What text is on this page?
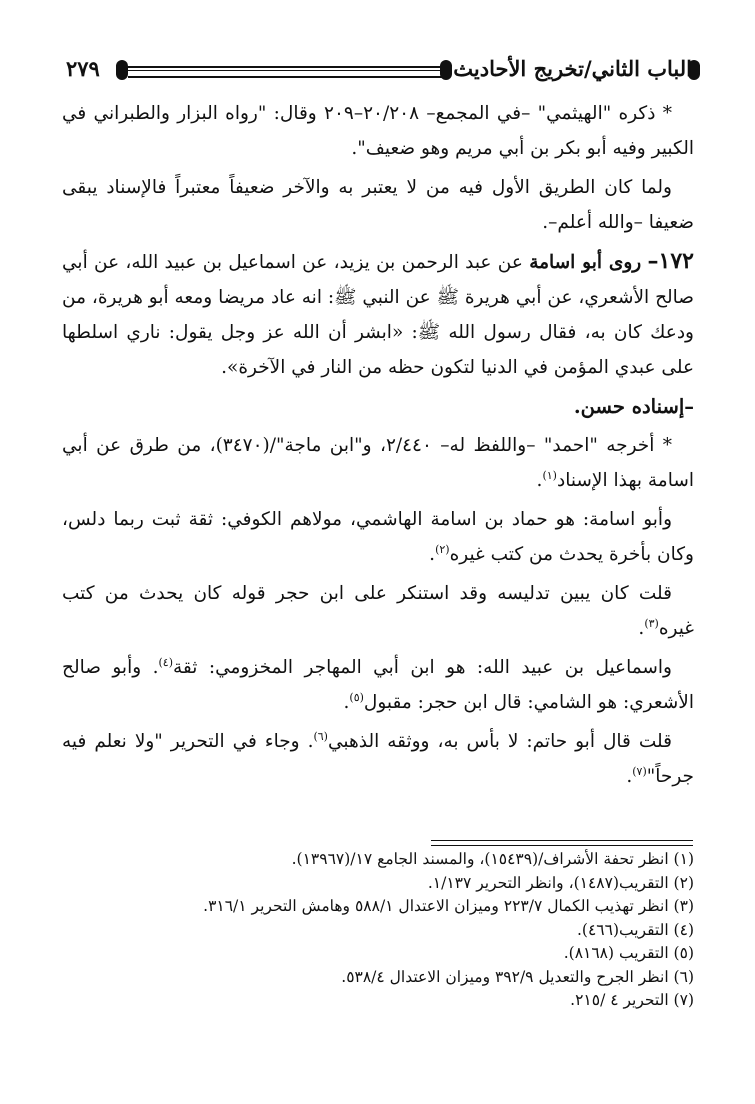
الباب الثاني/تخريج الأحاديث
٢٧٩

* ذكره "الهيثمي" –في المجمع– ٢٠/٢٠٨–٢٠٩ وقال: "رواه البزار والطبراني في الكبير وفيه أبو بكر بن أبي مريم وهو ضعيف".

ولما كان الطريق الأول فيه من لا يعتبر به والآخر ضعيفاً معتبراً فالإسناد يبقى ضعيفا –والله أعلم–.

١٧٢– روى أبو اسامة عن عبد الرحمن بن يزيد، عن اسماعيل بن عبيد الله، عن أبي صالح الأشعري، عن أبي هريرة ﷺ عن النبي ﷺ: انه عاد مريضا ومعه أبو هريرة، من ودعك كان به، فقال رسول الله ﷺ: «ابشر أن الله عز وجل يقول: ناري اسلطها على عبدي المؤمن في الدنيا لتكون حظه من النار في الآخرة».

–إسناده حسن.

* أخرجه "احمد" –واللفظ له– ٢/٤٤٠، و"ابن ماجة"/(٣٤٧٠)، من طرق عن أبي اسامة بهذا الإسناد$^{(١)}$.

وأبو اسامة: هو حماد بن اسامة الهاشمي، مولاهم الكوفي: ثقة ثبت ربما دلس، وكان بأخرة يحدث من كتب غيره$^{(٢)}$.

قلت كان يبين تدليسه وقد استنكر على ابن حجر قوله كان يحدث من كتب غيره$^{(٣)}$.

واسماعيل بن عبيد الله: هو ابن أبي المهاجر المخزومي: ثقة$^{(٤)}$. وأبو صالح الأشعري: هو الشامي: قال ابن حجر: مقبول$^{(٥)}$.

قلت قال أبو حاتم: لا بأس به، ووثقه الذهبي$^{(٦)}$. وجاء في التحرير "ولا نعلم فيه جرحاً"$^{(٧)}$.

(١) انظر تحفة الأشراف/(١٥٤٣٩)، والمسند الجامع ١٧/(١٣٩٦٧).
(٢) التقريب(١٤٨٧)، وانظر التحرير ١/١٣٧.
(٣) انظر تهذيب الكمال ٢٢٣/٧ وميزان الاعتدال ٥٨٨/١ وهامش التحرير ٣١٦/١.
(٤) التقريب(٤٦٦).
(٥) التقريب (٨١٦٨).
(٦) انظر الجرح والتعديل ٣٩٢/٩ وميزان الاعتدال ٥٣٨/٤.
(٧) التحرير ٤ /٢١٥.
